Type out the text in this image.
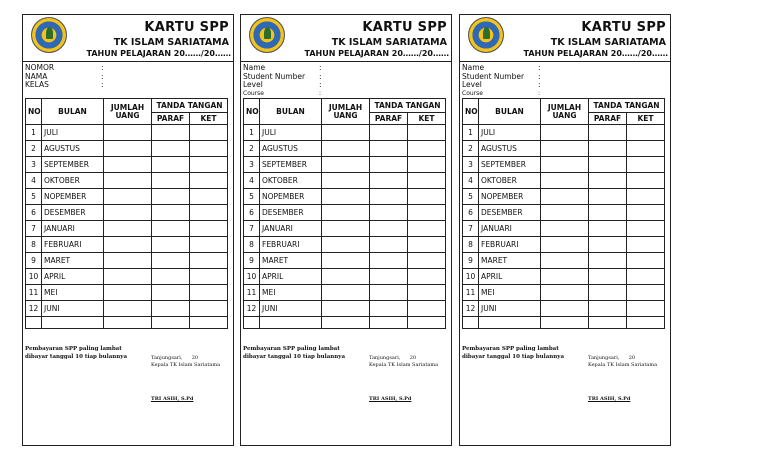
KARTU SPP
TK ISLAM SARIATAMA
TAHUN PELAJARAN 20……/20……
NOMOR	:
NAMA	:
KELAS	:
NO	BULAN	JUMLAH UANG	TANDA TANGAN	
			PARAF	KET
1	JULI			
2	AGUSTUS			
3	SEPTEMBER			
4	OKTOBER			
5	NOPEMBER			
6	DESEMBER			
7	JANUARI			
8	FEBRUARI			
9	MARET			
10	APRIL			
11	MEI			
12	JUNI			

Pembayaran SPP paling lambat dibayar tanggal 10 tiap bulannya	Tanjungsari, 20
Kepala TK Islam Sariatama
TRI ASIH, S.Pd
KARTU SPP
TK ISLAM SARIATAMA
TAHUN PELAJARAN 20……/20……
Name	:
Student Number	:
Level	:
Course	:
NO	BULAN	JUMLAH UANG	TANDA TANGAN	
			PARAF	KET
1	JULI			
2	AGUSTUS			
3	SEPTEMBER			
4	OKTOBER			
5	NOPEMBER			
6	DESEMBER			
7	JANUARI			
8	FEBRUARI			
9	MARET			
10	APRIL			
11	MEI			
12	JUNI			

Pembayaran SPP paling lambat dibayar tanggal 10 tiap bulannya	Tanjungsari, 20
Kepala TK Islam Sariatama
TRI ASIH, S.Pd
KARTU SPP
TK ISLAM SARIATAMA
TAHUN PELAJARAN 20……/20……
Name	:
Student Number	:
Level	:
Course	:
NO	BULAN	JUMLAH UANG	TANDA TANGAN	
			PARAF	KET
1	JULI			
2	AGUSTUS			
3	SEPTEMBER			
4	OKTOBER			
5	NOPEMBER			
6	DESEMBER			
7	JANUARI			
8	FEBRUARI			
9	MARET			
10	APRIL			
11	MEI			
12	JUNI			

Pembayaran SPP paling lambat dibayar tanggal 10 tiap bulannya	Tanjungsari, 20
Kepala TK Islam Sariatama
TRI ASIH, S.Pd
